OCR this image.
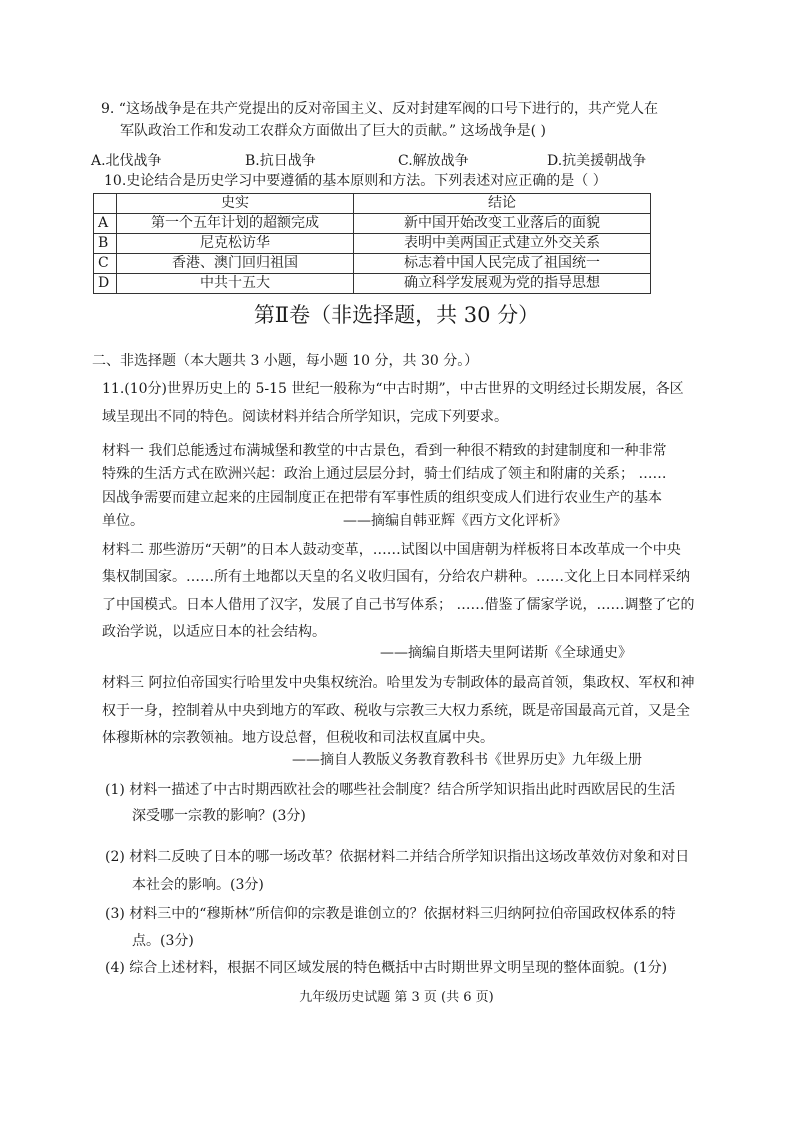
9. “这场战争是在共产党提出的反对帝国主义、反对封建军阀的口号下进行的，共产党人在
军队政治工作和发动工农群众方面做出了巨大的贡献。” 这场战争是( )
A.北伐战争	B.抗日战争	C.解放战争	D.抗美援朝战争
10.史论结合是历史学习中要遵循的基本原则和方法。下列表述对应正确的是（ ）
	史实	结论
A	第一个五年计划的超额完成	新中国开始改变工业落后的面貌
B	尼克松访华	表明中美两国正式建立外交关系
C	香港、澳门回归祖国	标志着中国人民完成了祖国统一
D	中共十五大	确立科学发展观为党的指导思想
第Ⅱ卷（非选择题，共 30 分）
二、非选择题（本大题共 3 小题，每小题 10 分，共 30 分。）
11.(10分)世界历史上的 5-15 世纪一般称为“中古时期”，中古世界的文明经过长期发展，各区
域呈现出不同的特色。阅读材料并结合所学知识，完成下列要求。
材料一 我们总能透过布满城堡和教堂的中古景色，看到一种很不精致的封建制度和一种非常
特殊的生活方式在欧洲兴起：政治上通过层层分封，骑士们结成了领主和附庸的关系； ……
因战争需要而建立起来的庄园制度正在把带有军事性质的组织变成人们进行农业生产的基本
单位。	——摘编自韩亚辉《西方文化评析》
材料二 那些游历“天朝”的日本人鼓动变革，……试图以中国唐朝为样板将日本改革成一个中央
集权制国家。……所有土地都以天皇的名义收归国有，分给农户耕种。……文化上日本同样采纳
了中国模式。日本人借用了汉字，发展了自己书写体系； ……借鉴了儒家学说，……调整了它的
政治学说，以适应日本的社会结构。
——摘编自斯塔夫里阿诺斯《全球通史》
材料三 阿拉伯帝国实行哈里发中央集权统治。哈里发为专制政体的最高首领，集政权、军权和神
权于一身，控制着从中央到地方的军政、税收与宗教三大权力系统，既是帝国最高元首，又是全
体穆斯林的宗教领袖。地方设总督，但税收和司法权直属中央。
——摘自人教版义务教育教科书《世界历史》九年级上册
(1) 材料一描述了中古时期西欧社会的哪些社会制度？结合所学知识指出此时西欧居民的生活
深受哪一宗教的影响？(3分)
(2) 材料二反映了日本的哪一场改革？依据材料二并结合所学知识指出这场改革效仿对象和对日
本社会的影响。(3分)
(3) 材料三中的“穆斯林”所信仰的宗教是谁创立的？依据材料三归纳阿拉伯帝国政权体系的特
点。(3分)
(4) 综合上述材料，根据不同区域发展的特色概括中古时期世界文明呈现的整体面貌。(1分)
九年级历史试题 第 3 页 (共 6 页)
